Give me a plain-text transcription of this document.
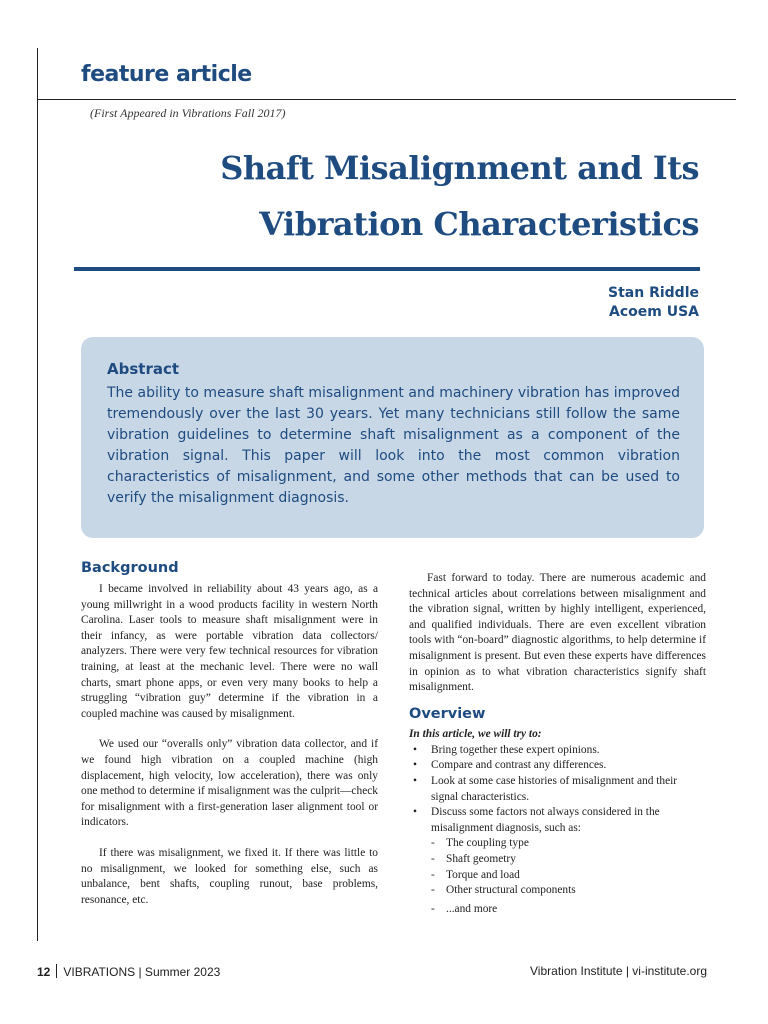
feature article
(First Appeared in Vibrations Fall 2017)
Shaft Misalignment and Its
Vibration Characteristics
Stan Riddle
Acoem USA
Abstract
The ability to measure shaft misalignment and machinery vibration has improved tremendously over the last 30 years. Yet many technicians still follow the same vibration guidelines to determine shaft misalignment as a component of the vibration signal. This paper will look into the most common vibration characteristics of misalignment, and some other methods that can be used to verify the misalignment diagnosis.
Background

I became involved in reliability about 43 years ago, as a young millwright in a wood products facility in western North Carolina. Laser tools to measure shaft misalignment were in their infancy, as were portable vibration data collectors/ analyzers. There were very few technical resources for vibration training, at least at the mechanic level. There were no wall charts, smart phone apps, or even very many books to help a struggling “vibration guy” determine if the vibration in a coupled machine was caused by misalignment.

We used our “overalls only” vibration data collector, and if we found high vibration on a coupled machine (high displacement, high velocity, low acceleration), there was only one method to determine if misalignment was the culprit—check for misalignment with a first-generation laser alignment tool or indicators.

If there was misalignment, we fixed it. If there was little to no misalignment, we looked for something else, such as unbalance, bent shafts, coupling runout, base problems, resonance, etc.

Fast forward to today. There are numerous academic and technical articles about correlations between misalignment and the vibration signal, written by highly intelligent, experienced, and qualified individuals. There are even excellent vibration tools with “on-board” diagnostic algorithms, to help determine if misalignment is present. But even these experts have differences in opinion as to what vibration characteristics signify shaft misalignment.

Overview
In this article, we will try to:
• Bring together these expert opinions.
• Compare and contrast any differences.
• Look at some case histories of misalignment and their signal characteristics.
• Discuss some factors not always considered in the misalignment diagnosis, such as:
- The coupling type
- Shaft geometry
- Torque and load
- Other structural components
- ...and more
12 VIBRATIONS | Summer 2023	Vibration Institute | vi-institute.org
